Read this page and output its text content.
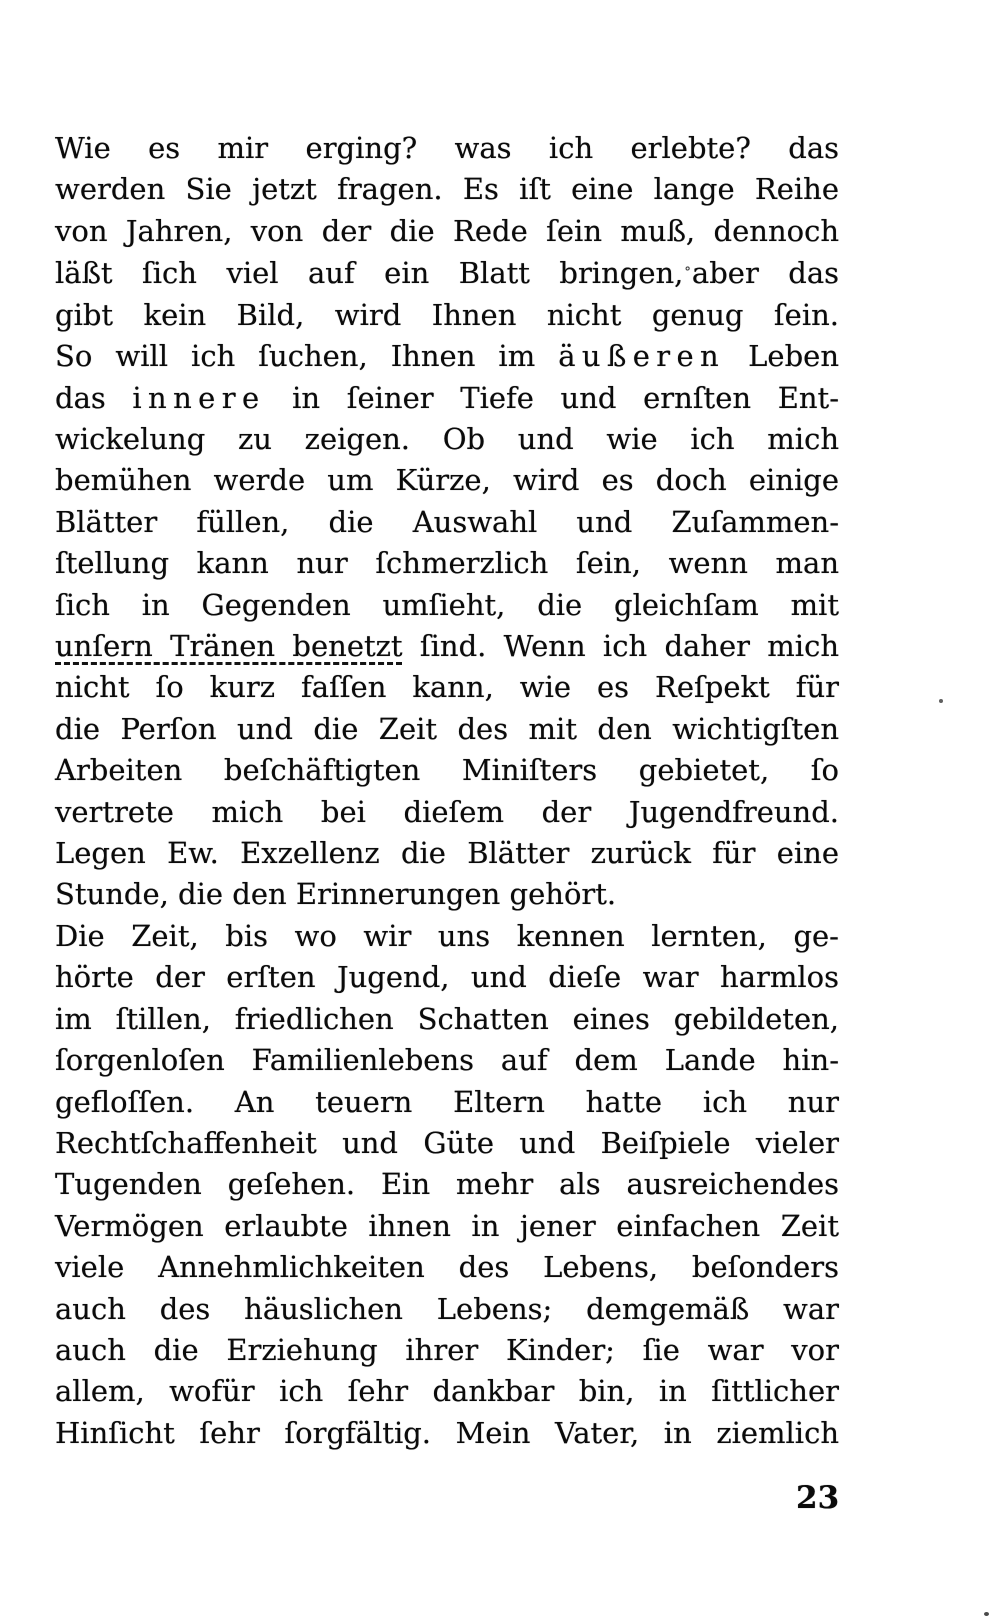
Wie es mir erging? was ich erlebte? das
werden Sie jetzt fragen. Es iſt eine lange Reihe
von Jahren, von der die Rede ſein muß, dennoch
läßt ſich viel auf ein Blatt bringen,°aber das
gibt kein Bild, wird Ihnen nicht genug ſein.
So will ich ſuchen, Ihnen im äußeren Leben
das innere in ſeiner Tiefe und ernſten Ent-
wickelung zu zeigen. Ob und wie ich mich
bemühen werde um Kürze, wird es doch einige
Blätter füllen, die Auswahl und Zuſammen-
ſtellung kann nur ſchmerzlich ſein, wenn man
ſich in Gegenden umſieht, die gleichſam mit
unſern Tränen benetzt ſind. Wenn ich daher mich
nicht ſo kurz faſſen kann, wie es Reſpekt für
die Perſon und die Zeit des mit den wichtigſten
Arbeiten beſchäftigten Miniſters gebietet, ſo
vertrete mich bei dieſem der Jugendfreund.
Legen Ew. Exzellenz die Blätter zurück für eine
Stunde, die den Erinnerungen gehört.
Die Zeit, bis wo wir uns kennen lernten, ge-
hörte der erſten Jugend, und dieſe war harmlos
im ſtillen, friedlichen Schatten eines gebildeten,
ſorgenloſen Familienlebens auf dem Lande hin-
gefloſſen. An teuern Eltern hatte ich nur
Rechtſchaffenheit und Güte und Beiſpiele vieler
Tugenden geſehen. Ein mehr als ausreichendes
Vermögen erlaubte ihnen in jener einfachen Zeit
viele Annehmlichkeiten des Lebens, beſonders
auch des häuslichen Lebens; demgemäß war
auch die Erziehung ihrer Kinder; ſie war vor
allem, wofür ich ſehr dankbar bin, in ſittlicher
Hinſicht ſehr ſorgfältig. Mein Vater, in ziemlich
23
